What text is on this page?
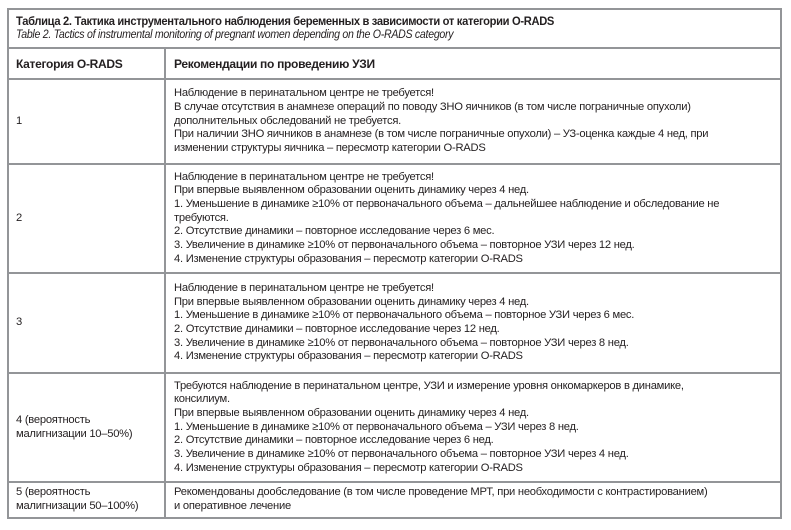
Таблица 2. Тактика инструментального наблюдения беременных в зависимости от категории O-RADS
Table 2. Tactics of instrumental monitoring of pregnant women depending on the O-RADS category
Категория O-RADS	Рекомендации по проведению УЗИ
1
Наблюдение в перинатальном центре не требуется!
В случае отсутствия в анамнезе операций по поводу ЗНО яичников (в том числе пограничные опухоли)
дополнительных обследований не требуется.
При наличии ЗНО яичников в анамнезе (в том числе пограничные опухоли) – УЗ-оценка каждые 4 нед, при
изменении структуры яичника – пересмотр категории O-RADS
2
Наблюдение в перинатальном центре не требуется!
При впервые выявленном образовании оценить динамику через 4 нед.
1. Уменьшение в динамике ≥10% от первоначального объема – дальнейшее наблюдение и обследование не
требуются.
2. Отсутствие динамики – повторное исследование через 6 мес.
3. Увеличение в динамике ≥10% от первоначального объема – повторное УЗИ через 12 нед.
4. Изменение структуры образования – пересмотр категории O-RADS
3
Наблюдение в перинатальном центре не требуется!
При впервые выявленном образовании оценить динамику через 4 нед.
1. Уменьшение в динамике ≥10% от первоначального объема – повторное УЗИ через 6 мес.
2. Отсутствие динамики – повторное исследование через 12 нед.
3. Увеличение в динамике ≥10% от первоначального объема – повторное УЗИ через 8 нед.
4. Изменение структуры образования – пересмотр категории O-RADS
4 (вероятность малигнизации 10–50%)
Требуются наблюдение в перинатальном центре, УЗИ и измерение уровня онкомаркеров в динамике,
консилиум.
При впервые выявленном образовании оценить динамику через 4 нед.
1. Уменьшение в динамике ≥10% от первоначального объема – УЗИ через 8 нед.
2. Отсутствие динамики – повторное исследование через 6 нед.
3. Увеличение в динамике ≥10% от первоначального объема – повторное УЗИ через 4 нед.
4. Изменение структуры образования – пересмотр категории O-RADS
5 (вероятность малигнизации 50–100%)
Рекомендованы дообследование (в том числе проведение МРТ, при необходимости с контрастированием)
и оперативное лечение
